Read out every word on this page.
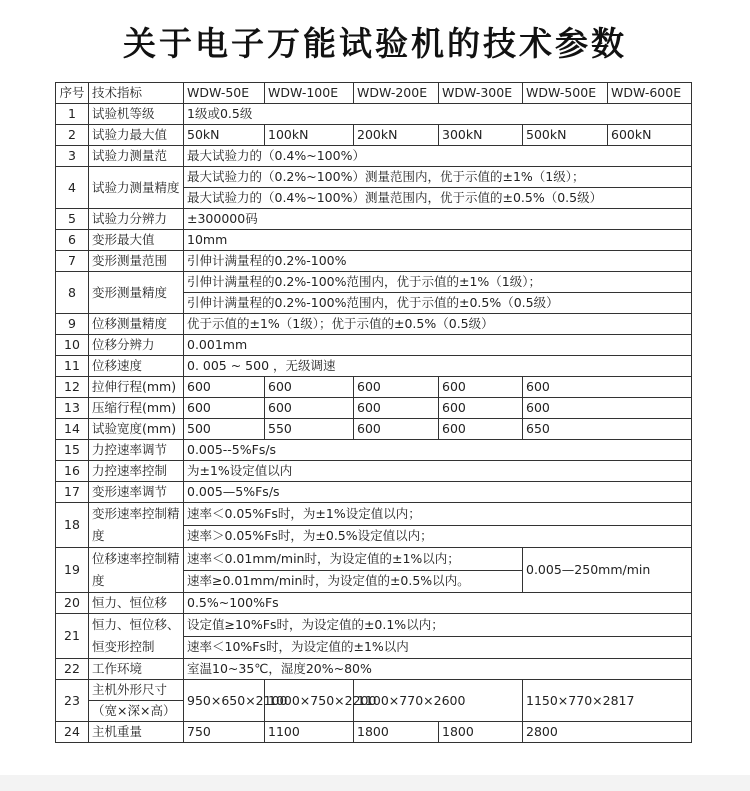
关于电子万能试验机的技术参数
序号	技术指标	WDW-50E	WDW-100E	WDW-200E	WDW-300E	WDW-500E	WDW-600E
1	试验机等级	1级或0.5级					
2	试验力最大值	50kN	100kN	200kN	300kN	500kN	600kN
3	试验力测量范	最大试验力的（0.4%~100%）					
4	试验力测量精度	最大试验力的（0.2%~100%）测量范围内，优于示值的±1%（1级）；					
		最大试验力的（0.4%~100%）测量范围内，优于示值的±0.5%（0.5级）					
5	试验力分辨力	±300000码					
6	变形最大值	10mm					
7	变形测量范围	引伸计满量程的0.2%-100%					
8	变形测量精度	引伸计满量程的0.2%-100%范围内，优于示值的±1%（1级）；					
		引伸计满量程的0.2%-100%范围内，优于示值的±0.5%（0.5级）					
9	位移测量精度	优于示值的±1%（1级）；优于示值的±0.5%（0.5级）					
10	位移分辨力	0.001mm					
11	位移速度	0. 005 ~ 500 ，无级调速					
12	拉伸行程(mm)	600	600	600	600	600	
13	压缩行程(mm)	600	600	600	600	600	
14	试验宽度(mm)	500	550	600	600	650	
15	力控速率调节	0.005--5%Fs/s					
16	力控速率控制	为±1%设定值以内					
17	变形速率调节	0.005—5%Fs/s					
18	变形速率控制精度	速率＜0.05%Fs时，为±1%设定值以内；					
		速率＞0.05%Fs时，为±0.5%设定值以内；					
19	位移速率控制精度	速率＜0.01mm/min时，为设定值的±1%以内；				0.005—250mm/min	
		速率≥0.01mm/min时，为设定值的±0.5%以内。					
20	恒力、恒位移	0.5%~100%Fs					
21	恒力、恒位移、恒变形控制	设定值≥10%Fs时，为设定值的±0.1%以内；					
		速率＜10%Fs时，为设定值的±1%以内					
22	工作环境	室温10~35℃，湿度20%~80%					
23	主机外形尺寸	950×650×2100	1000×750×2200	1100×770×2600		1150×770×2817	
	（宽×深×高）						
24	主机重量	750	1100	1800	1800	2800	
